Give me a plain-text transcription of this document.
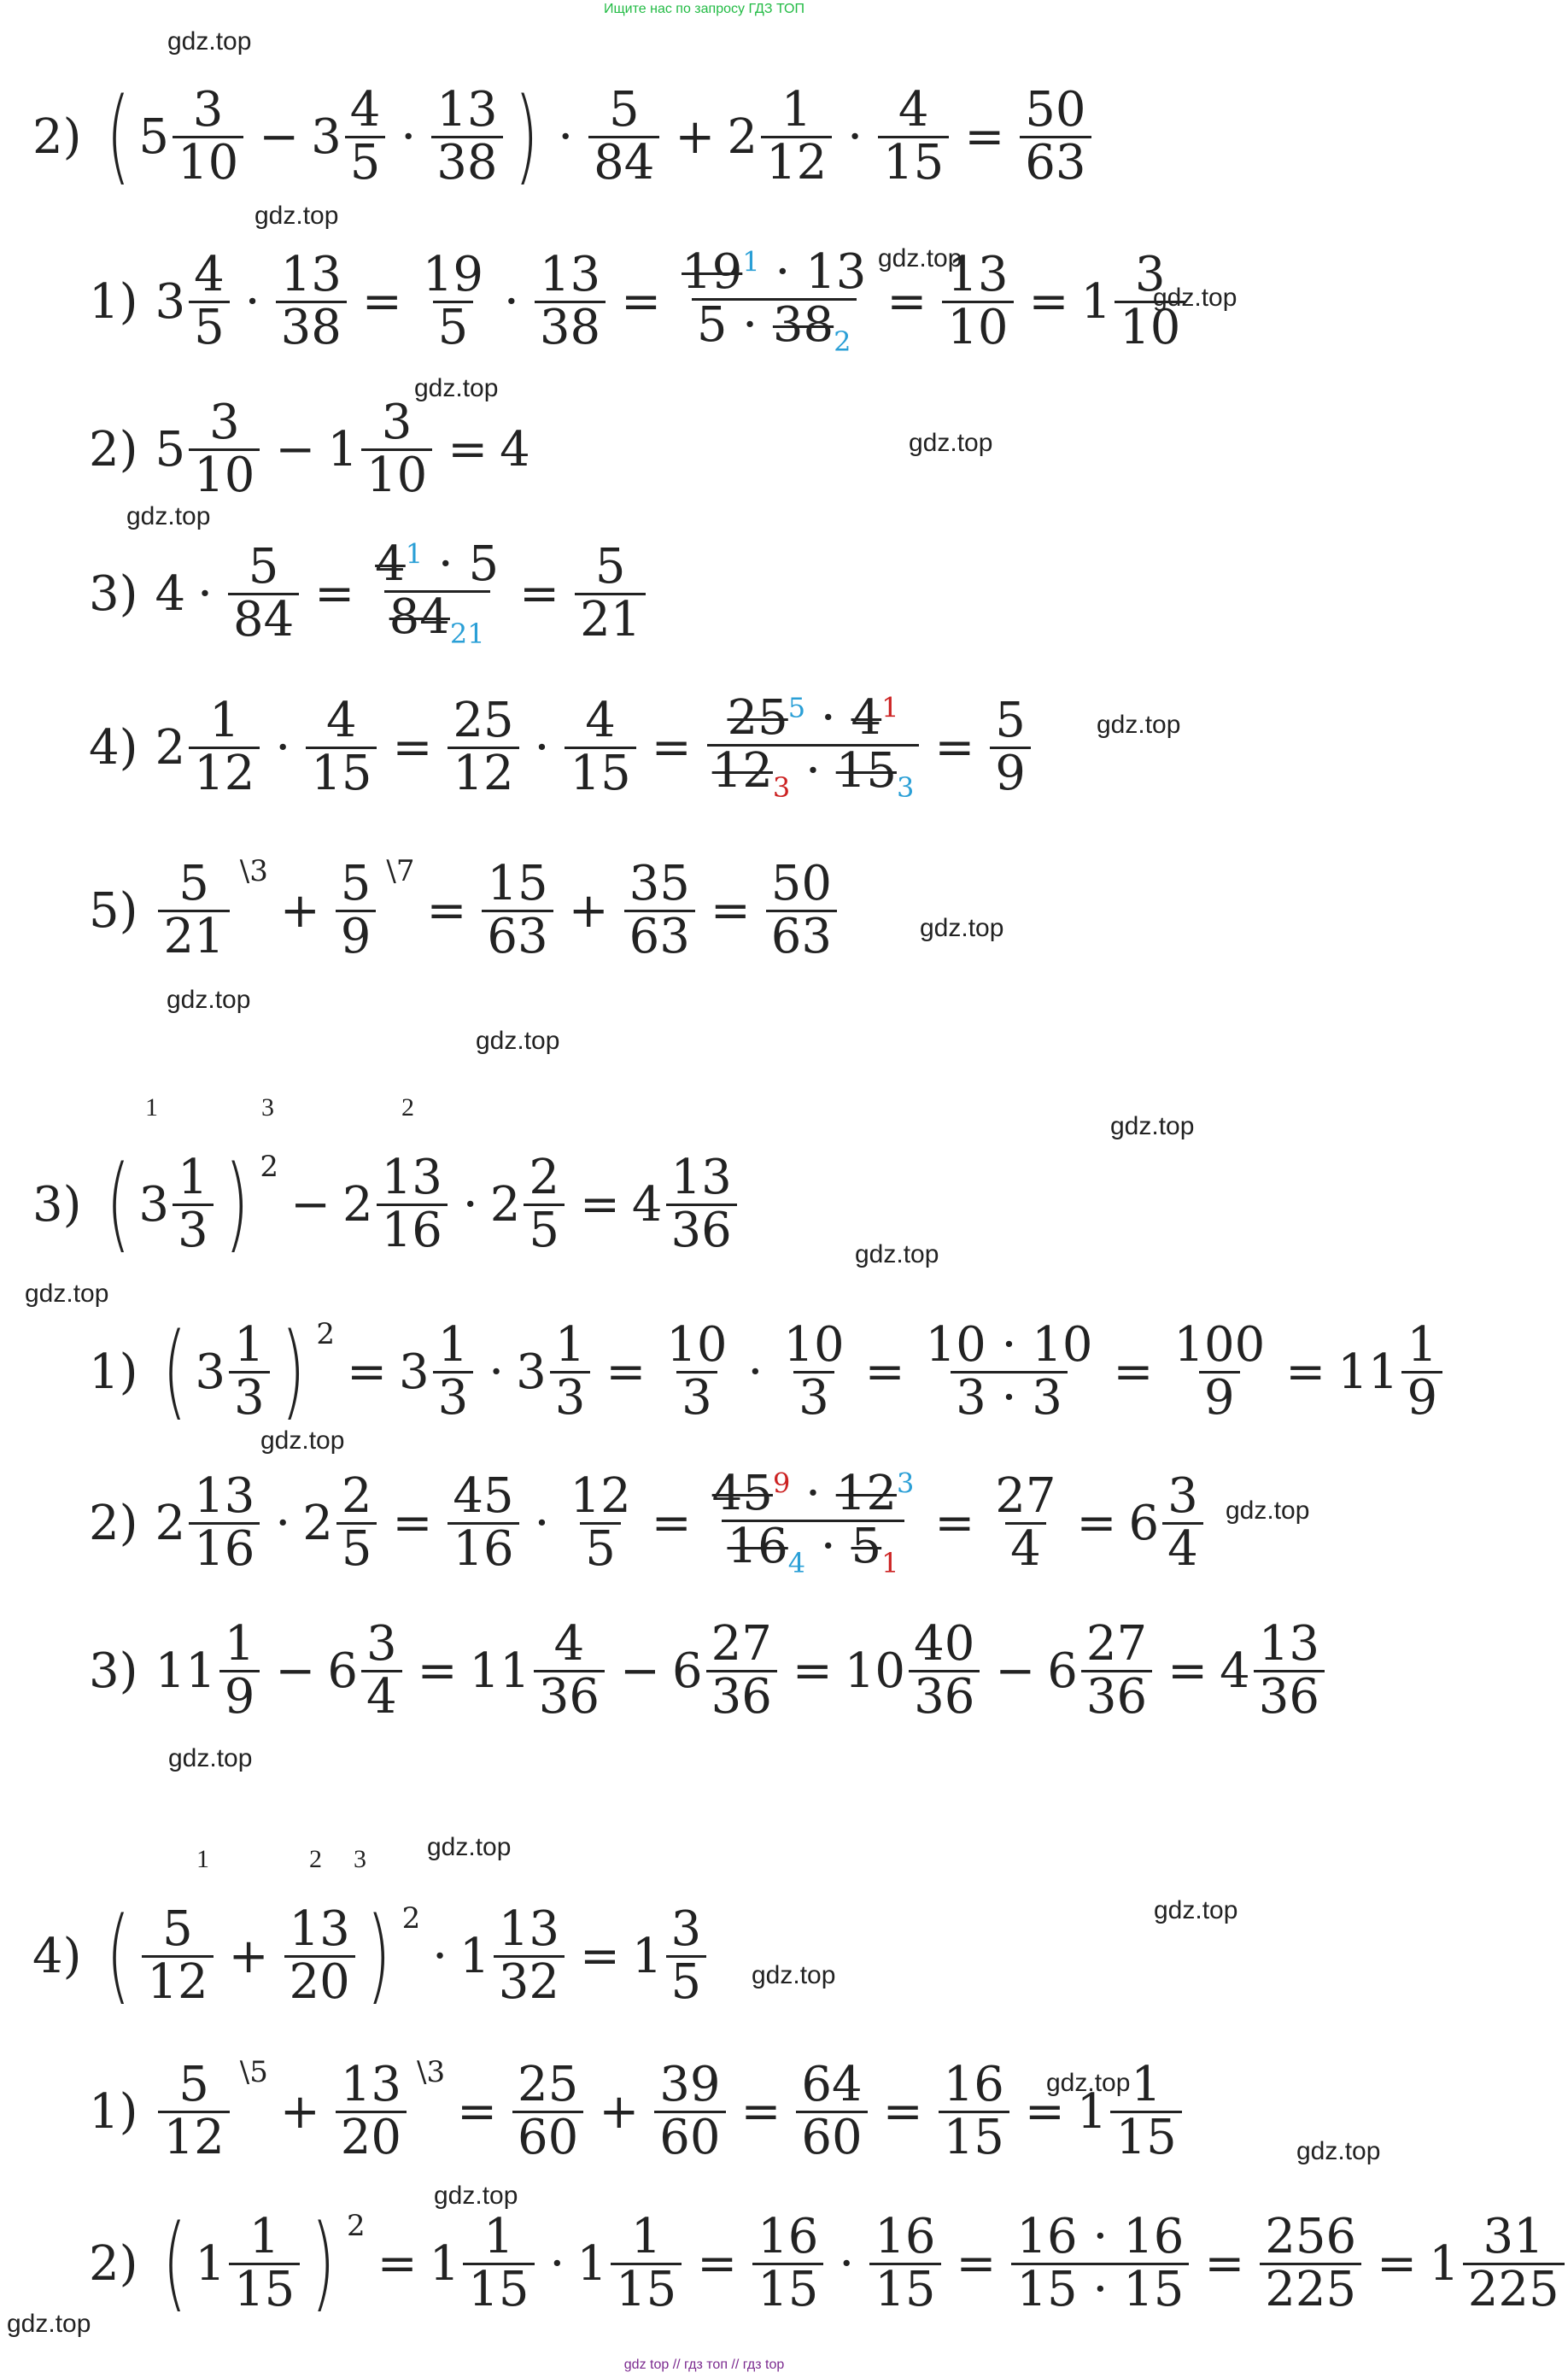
Ищите нас по запросу ГДЗ ТОП
gdz.top
gdz.top
gdz.top
gdz.top
gdz.top
gdz.top
gdz.top
gdz.top
gdz.top
gdz.top
gdz.top
gdz.top
gdz.top
gdz.top
gdz.top
gdz.top
gdz.top
gdz.top
gdz.top
gdz.top
gdz.top
gdz.top
gdz.top
gdz.top
2) ( $5 \frac{3}{10} - 3 \frac{4}{5} \cdot \frac{13}{38}$ ) · $\frac{5}{84} + 2 \frac{1}{12} \cdot \frac{4}{15} = \frac{50}{63}$
1) $3 \frac{4}{5} \cdot \frac{13}{38} = \frac{19}{5} \cdot \frac{13}{38} = \frac{19^1 \cdot 13}{5 \cdot 38_2} = \frac{13}{10} = 1 \frac{3}{10}$
2) $5 \frac{3}{10} - 1 \frac{3}{10} = 4$
3) $4 \cdot \frac{5}{84} = \frac{4^1 \cdot 5}{84_{21}} = \frac{5}{21}$
4) $2 \frac{1}{12} \cdot \frac{4}{15} = \frac{25}{12} \cdot \frac{4}{15} = \frac{25^5 \cdot 4^1}{12_3 \cdot 15_3} = \frac{5}{9}$
$5) \frac{5}{21}$ \3
+ $\frac{5}{9}$ \7
= $\frac{15}{63} + \frac{35}{63} = \frac{50}{63}$
1	3	2
3) ( $3 \frac{1}{3}$ ) 2
− $2 \frac{13}{16} \cdot 2 \frac{2}{5} = 4 \frac{13}{36}$
1) ( $3 \frac{1}{3}$ ) 2
= $3 \frac{1}{3} \cdot 3 \frac{1}{3} = \frac{10}{3} \cdot \frac{10}{3} = \frac{10 \cdot 10}{3 \cdot 3} = \frac{100}{9} = 11 \frac{1}{9}$
2) $2 \frac{13}{16} \cdot 2 \frac{2}{5} = \frac{45}{16} \cdot \frac{12}{5} = \frac{45^9 \cdot 12^3}{16_4 \cdot 5_1} = \frac{27}{4} = 6 \frac{3}{4}$
3) $11 \frac{1}{9} - 6 \frac{3}{4} = 11 \frac{4}{36} - 6 \frac{27}{36} = 10 \frac{40}{36} - 6 \frac{27}{36} = 4 \frac{13}{36}$
1	2 3
4) ( $\frac{5}{12} + \frac{13}{20}$ ) 2
· $1 \frac{13}{32} = 1 \frac{3}{5}$
$1) \frac{5}{12}$ \5
+ $\frac{13}{20}$ \3
= $\frac{25}{60} + \frac{39}{60} = \frac{64}{60} = \frac{16}{15} = 1 \frac{1}{15}$
2) ( $1 \frac{1}{15}$ ) 2
= $1 \frac{1}{15} \cdot 1 \frac{1}{15} = \frac{16}{15} \cdot \frac{16}{15} = \frac{16 \cdot 16}{15 \cdot 15} = \frac{256}{225} = 1 \frac{31}{225}$
gdz top // гдз топ // гдз top
